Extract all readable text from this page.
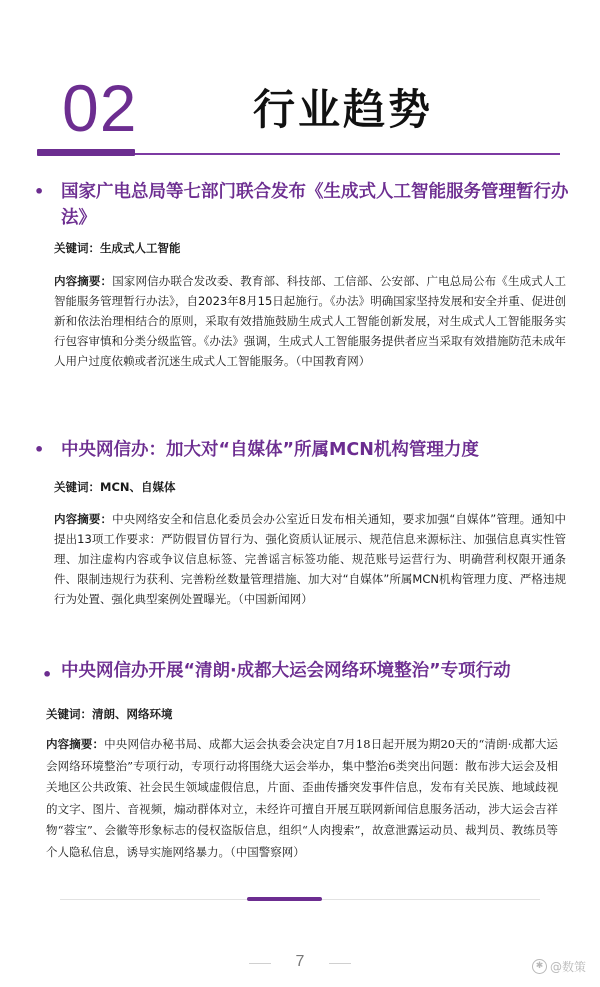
02	行业趋势
• 国家广电总局等七部门联合发布《生成式人工智能服务管理暂行办法》
关键词：生成式人工智能
内容摘要：国家网信办联合发改委、教育部、科技部、工信部、公安部、广电总局公布《生成式人工智能服务管理暂行办法》，自2023年8月15日起施行。《办法》明确国家坚持发展和安全并重、促进创新和依法治理相结合的原则，采取有效措施鼓励生成式人工智能创新发展，对生成式人工智能服务实行包容审慎和分类分级监管。《办法》强调，生成式人工智能服务提供者应当采取有效措施防范未成年人用户过度依赖或者沉迷生成式人工智能服务。（中国教育网）
• 中央网信办：加大对“自媒体”所属MCN机构管理力度
关键词：MCN、自媒体
内容摘要：中央网络安全和信息化委员会办公室近日发布相关通知，要求加强“自媒体”管理。通知中提出13项工作要求：严防假冒仿冒行为、强化资质认证展示、规范信息来源标注、加强信息真实性管理、加注虚构内容或争议信息标签、完善谣言标签功能、规范账号运营行为、明确营利权限开通条件、限制违规行为获利、完善粉丝数量管理措施、加大对“自媒体”所属MCN机构管理力度、严格违规行为处置、强化典型案例处置曝光。（中国新闻网）
• 中央网信办开展“清朗·成都大运会网络环境整治”专项行动
关键词：清朗、网络环境
内容摘要：中央网信办秘书局、成都大运会执委会决定自7月18日起开展为期20天的“清朗·成都大运会网络环境整治”专项行动，专项行动将围绕大运会举办，集中整治6类突出问题：散布涉大运会及相关地区公共政策、社会民生领域虚假信息，片面、歪曲传播突发事件信息，发布有关民族、地域歧视的文字、图片、音视频，煽动群体对立，未经许可擅自开展互联网新闻信息服务活动，涉大运会吉祥物“蓉宝”、会徽等形象标志的侵权盗版信息，组织“人肉搜索”，故意泄露运动员、裁判员、教练员等个人隐私信息，诱导实施网络暴力。（中国警察网）
7	✱ @数策
